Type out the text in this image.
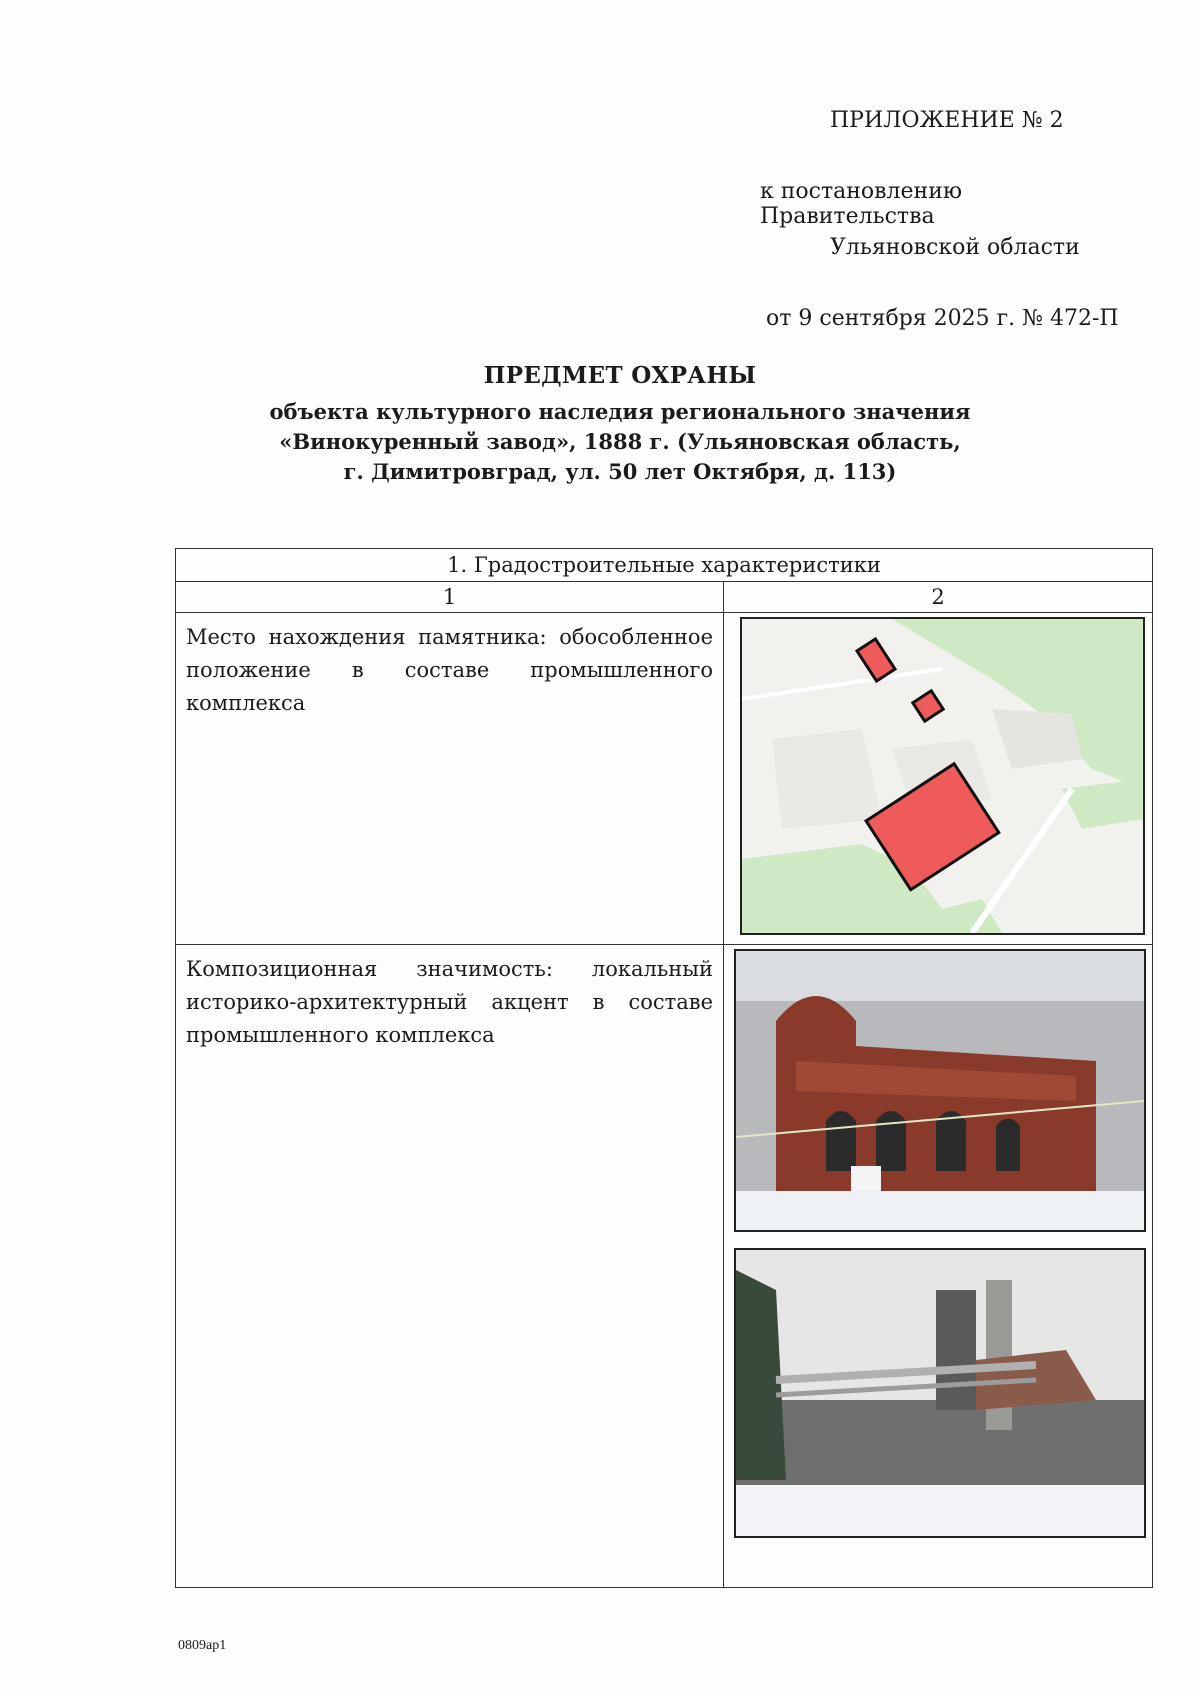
ПРИЛОЖЕНИЕ № 2
к постановлению Правительства
Ульяновской области
от 9 сентября 2025 г. № 472-П
ПРЕДМЕТ ОХРАНЫ
объекта культурного наследия регионального значения
«Винокуренный завод», 1888 г. (Ульяновская область,
г. Димитровград, ул. 50 лет Октября, д. 113)
1. Градостроительные характеристики	
1	2
Место нахождения памятника: обособленное положение в составе промышленного комплекса	

Композиционная значимость: локальный историко-архитектурный акцент в составе промышленного комплекса	
0809ар1
